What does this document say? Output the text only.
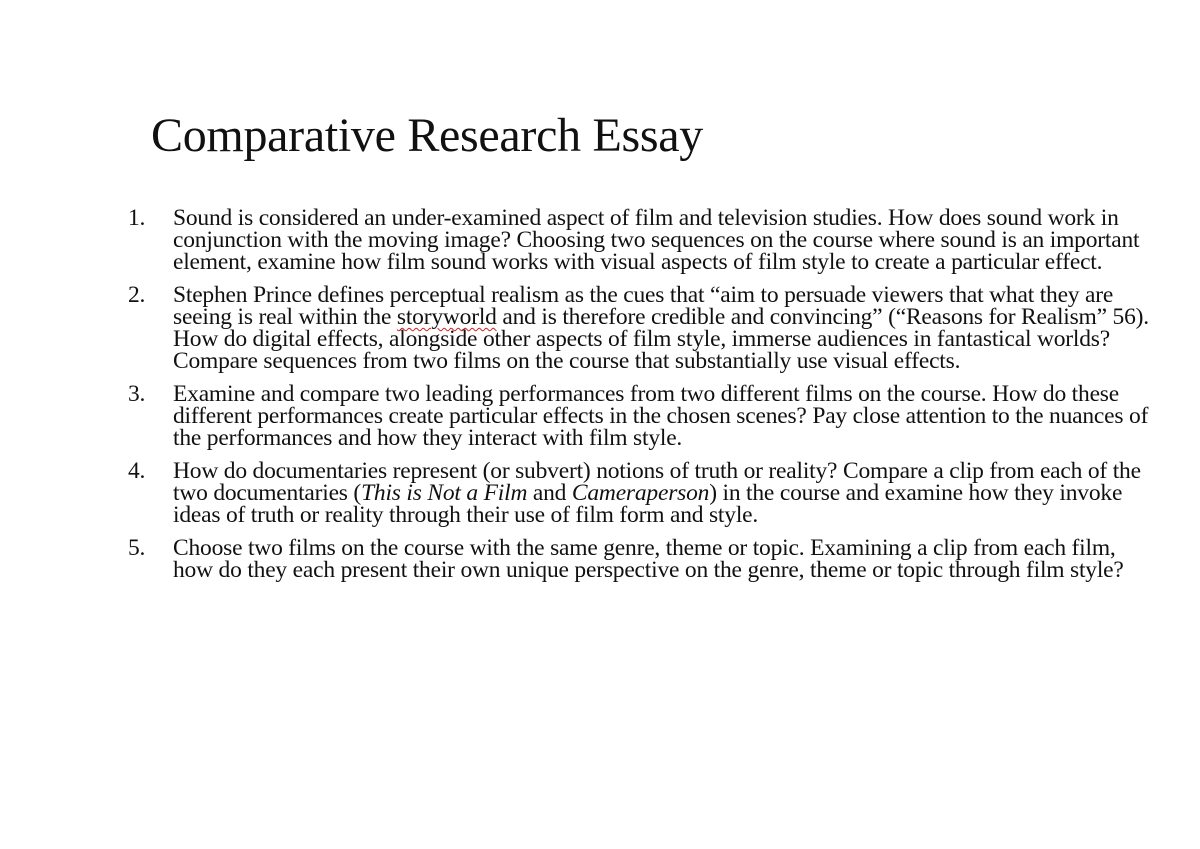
Comparative Research Essay
1. Sound is considered an under-examined aspect of film and television studies. How does sound work in conjunction with the moving image? Choosing two sequences on the course where sound is an important element, examine how film sound works with visual aspects of film style to create a particular effect.
2. Stephen Prince defines perceptual realism as the cues that “aim to persuade viewers that what they are seeing is real within the storyworld and is therefore credible and convincing” (“Reasons for Realism” 56). How do digital effects, alongside other aspects of film style, immerse audiences in fantastical worlds? Compare sequences from two films on the course that substantially use visual effects.
3. Examine and compare two leading performances from two different films on the course. How do these different performances create particular effects in the chosen scenes? Pay close attention to the nuances of the performances and how they interact with film style.
4. How do documentaries represent (or subvert) notions of truth or reality? Compare a clip from each of the two documentaries (This is Not a Film and Cameraperson) in the course and examine how they invoke ideas of truth or reality through their use of film form and style.
5. Choose two films on the course with the same genre, theme or topic. Examining a clip from each film, how do they each present their own unique perspective on the genre, theme or topic through film style?
